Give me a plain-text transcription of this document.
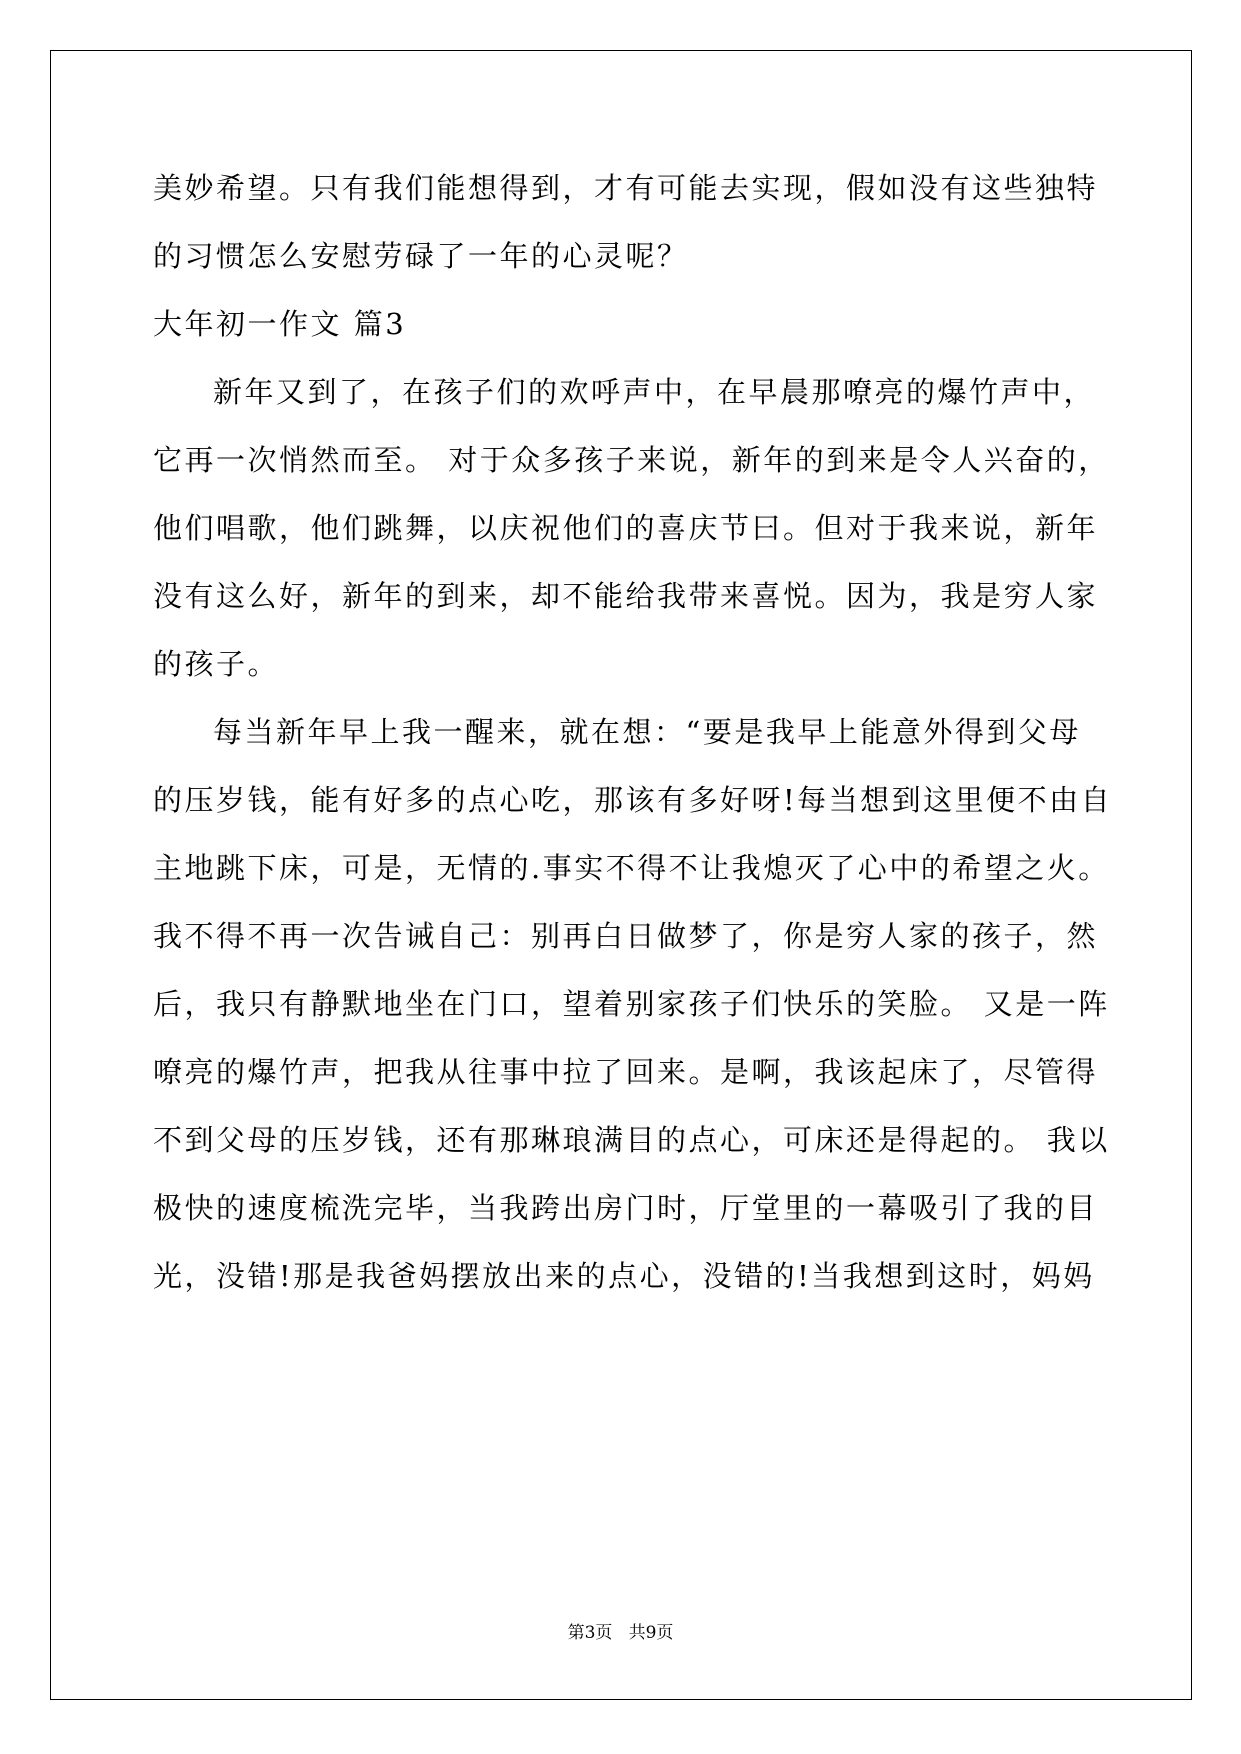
美妙希望。只有我们能想得到，才有可能去实现，假如没有这些独特
的习惯怎么安慰劳碌了一年的心灵呢？
大年初一作文 篇3
新年又到了，在孩子们的欢呼声中，在早晨那嘹亮的爆竹声中，
它再一次悄然而至。 对于众多孩子来说，新年的到来是令人兴奋的，
他们唱歌，他们跳舞，以庆祝他们的喜庆节曰。但对于我来说，新年
没有这么好，新年的到来，却不能给我带来喜悦。因为，我是穷人家
的孩子。
每当新年早上我一醒来，就在想：“要是我早上能意外得到父母
的压岁钱，能有好多的点心吃，那该有多好呀!每当想到这里便不由自
主地跳下床，可是，无情的.事实不得不让我熄灭了心中的希望之火。
我不得不再一次告诫自己：别再白日做梦了，你是穷人家的孩子，然
后，我只有静默地坐在门口，望着别家孩子们快乐的笑脸。 又是一阵
嘹亮的爆竹声，把我从往事中拉了回来。是啊，我该起床了，尽管得
不到父母的压岁钱，还有那琳琅满目的点心，可床还是得起的。 我以
极快的速度梳洗完毕，当我跨出房门时，厅堂里的一幕吸引了我的目
光，没错!那是我爸妈摆放出来的点心，没错的!当我想到这时，妈妈
第3页   共9页
